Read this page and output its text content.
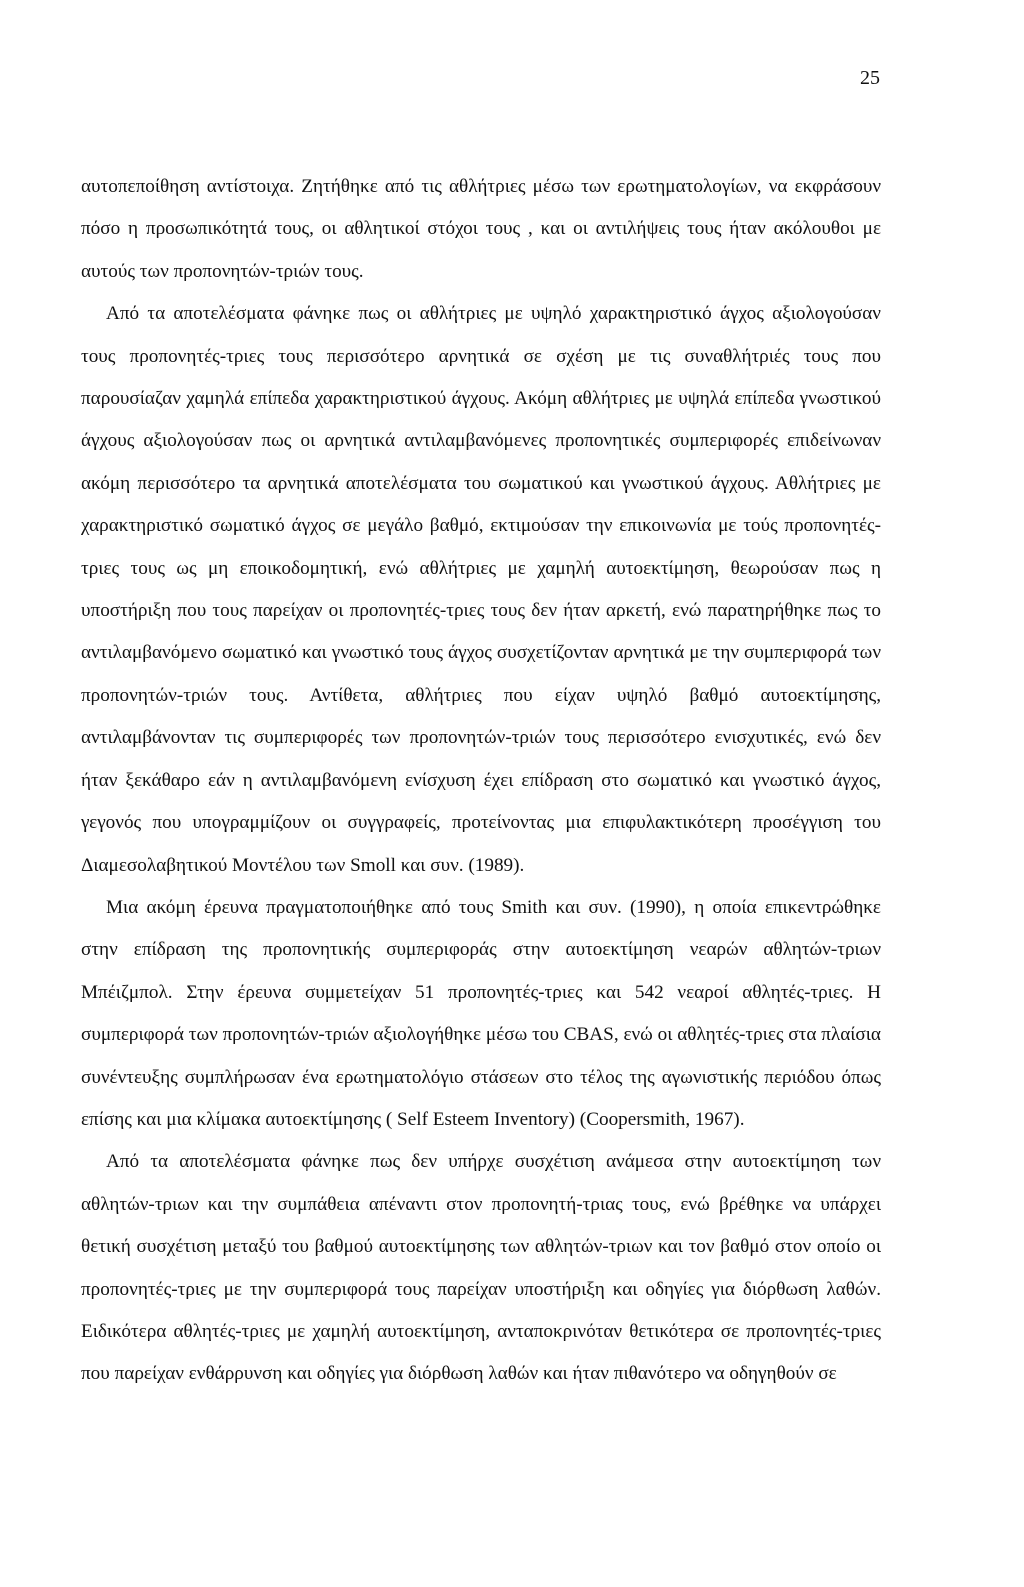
25

αυτοπεποίθηση αντίστοιχα. Ζητήθηκε από τις αθλήτριες μέσω των ερωτηματολογίων, να εκφράσουν πόσο η προσωπικότητά τους, οι αθλητικοί στόχοι τους , και οι αντιλήψεις τους ήταν ακόλουθοι με αυτούς των προπονητών-τριών τους.

Από τα αποτελέσματα φάνηκε πως οι αθλήτριες με υψηλό χαρακτηριστικό άγχος αξιολογούσαν τους προπονητές-τριες τους περισσότερο αρνητικά σε σχέση με τις συναθλήτριές τους που παρουσίαζαν χαμηλά επίπεδα χαρακτηριστικού άγχους. Ακόμη αθλήτριες με υψηλά επίπεδα γνωστικού άγχους αξιολογούσαν πως οι αρνητικά αντιλαμβανόμενες προπονητικές συμπεριφορές επιδείνωναν ακόμη περισσότερο τα αρνητικά αποτελέσματα του σωματικού και γνωστικού άγχους. Αθλήτριες με χαρακτηριστικό σωματικό άγχος σε μεγάλο βαθμό, εκτιμούσαν την επικοινωνία με τούς προπονητές-τριες τους ως μη εποικοδομητική, ενώ αθλήτριες με χαμηλή αυτοεκτίμηση, θεωρούσαν πως η υποστήριξη που τους παρείχαν οι προπονητές-τριες τους δεν ήταν αρκετή, ενώ παρατηρήθηκε πως το αντιλαμβανόμενο σωματικό και γνωστικό τους άγχος συσχετίζονταν αρνητικά με την συμπεριφορά των προπονητών-τριών τους. Αντίθετα, αθλήτριες που είχαν υψηλό βαθμό αυτοεκτίμησης, αντιλαμβάνονταν τις συμπεριφορές των προπονητών-τριών τους περισσότερο ενισχυτικές, ενώ δεν ήταν ξεκάθαρο εάν η αντιλαμβανόμενη ενίσχυση έχει επίδραση στο σωματικό και γνωστικό άγχος, γεγονός που υπογραμμίζουν οι συγγραφείς, προτείνοντας μια επιφυλακτικότερη προσέγγιση του Διαμεσολαβητικού Μοντέλου των Smoll και συν. (1989).

Μια ακόμη έρευνα πραγματοποιήθηκε από τους Smith και συν. (1990), η οποία επικεντρώθηκε στην επίδραση της προπονητικής συμπεριφοράς στην αυτοεκτίμηση νεαρών αθλητών-τριων Μπέιζμπολ. Στην έρευνα συμμετείχαν 51 προπονητές-τριες και 542 νεαροί αθλητές-τριες. Η συμπεριφορά των προπονητών-τριών αξιολογήθηκε μέσω του CBAS, ενώ οι αθλητές-τριες στα πλαίσια συνέντευξης συμπλήρωσαν ένα ερωτηματολόγιο στάσεων στο τέλος της αγωνιστικής περιόδου όπως επίσης και μια κλίμακα αυτοεκτίμησης ( Self Esteem Inventory) (Coopersmith, 1967).

Από τα αποτελέσματα φάνηκε πως δεν υπήρχε συσχέτιση ανάμεσα στην αυτοεκτίμηση των αθλητών-τριων και την συμπάθεια απέναντι στον προπονητή-τριας τους, ενώ βρέθηκε να υπάρχει θετική συσχέτιση μεταξύ του βαθμού αυτοεκτίμησης των αθλητών-τριων και τον βαθμό στον οποίο οι προπονητές-τριες με την συμπεριφορά τους παρείχαν υποστήριξη και οδηγίες για διόρθωση λαθών. Ειδικότερα αθλητές-τριες με χαμηλή αυτοεκτίμηση, ανταποκρινόταν θετικότερα σε προπονητές-τριες που παρείχαν ενθάρρυνση και οδηγίες για διόρθωση λαθών και ήταν πιθανότερο να οδηγηθούν σε
